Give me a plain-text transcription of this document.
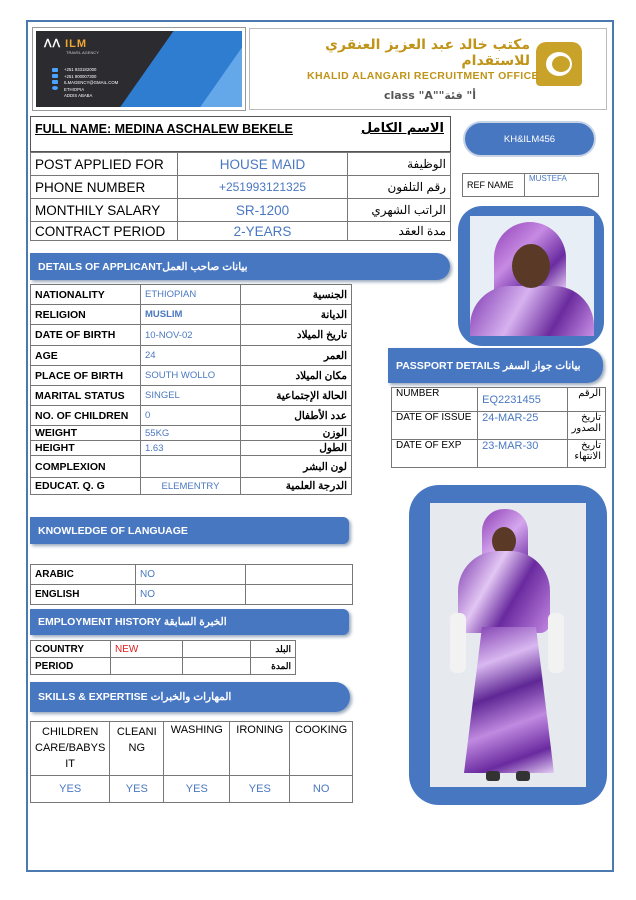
ᐱᐱ ILM
TRAVEL AGENCY
+251 933182000
+251 900007300
ILMAGENCY@GMAIL.COM
ETHIOPIA
ADDIS ABABA
مكتب خالد عبد العزيز العنقري للاستقدام
KHALID ALANGARI RECRUITMENT OFFICE
class "A""أ" فئة
FULL NAME: MEDINA ASCHALEW BEKELE	الاسم الكامل
KH&ILM456
POST APPLIED FOR	HOUSE MAID	الوظيفة
PHONE NUMBER	+251993121325	رقم التلفون
MONTHILY SALARY	SR-1200	الراتب الشهري
CONTRACT PERIOD	2-YEARS	مدة العقد
REF NAME	MUSTEFA
DETAILS OF APPLICANTبيانات صاحب العمل
NATIONALITY	ETHIOPIAN	الجنسية
RELIGION	MUSLIM	الديانة
DATE OF BIRTH	10-NOV-02	تاريخ الميلاد
AGE	24	العمر
PLACE OF BIRTH	SOUTH WOLLO	مكان الميلاد
MARITAL STATUS	SINGEL	الحالة الإجتماعية
NO. OF CHILDREN	0	عدد الأطفال
WEIGHT	55KG	الوزن
HEIGHT	1.63	الطول
COMPLEXION		لون البشر
EDUCAT. Q. G	ELEMENTRY	الدرجة العلمية
PASSPORT DETAILS بيانات جواز السفر
NUMBER	EQ2231455	الرقم
DATE OF ISSUE	24-MAR-25	تاريخ الصدور
DATE OF EXP	23-MAR-30	تاريخ الانتهاء
KNOWLEDGE OF LANGUAGE
ARABIC	NO	
ENGLISH	NO	
EMPLOYMENT HISTORY الخبرة السابقة
COUNTRY	NEW		البلد
PERIOD			المدة
SKILLS & EXPERTISE المهارات والخبرات
CHILDREN CARE/BABYS IT	CLEANI NG	WASHING	IRONING	COOKING
YES	YES	YES	YES	NO
